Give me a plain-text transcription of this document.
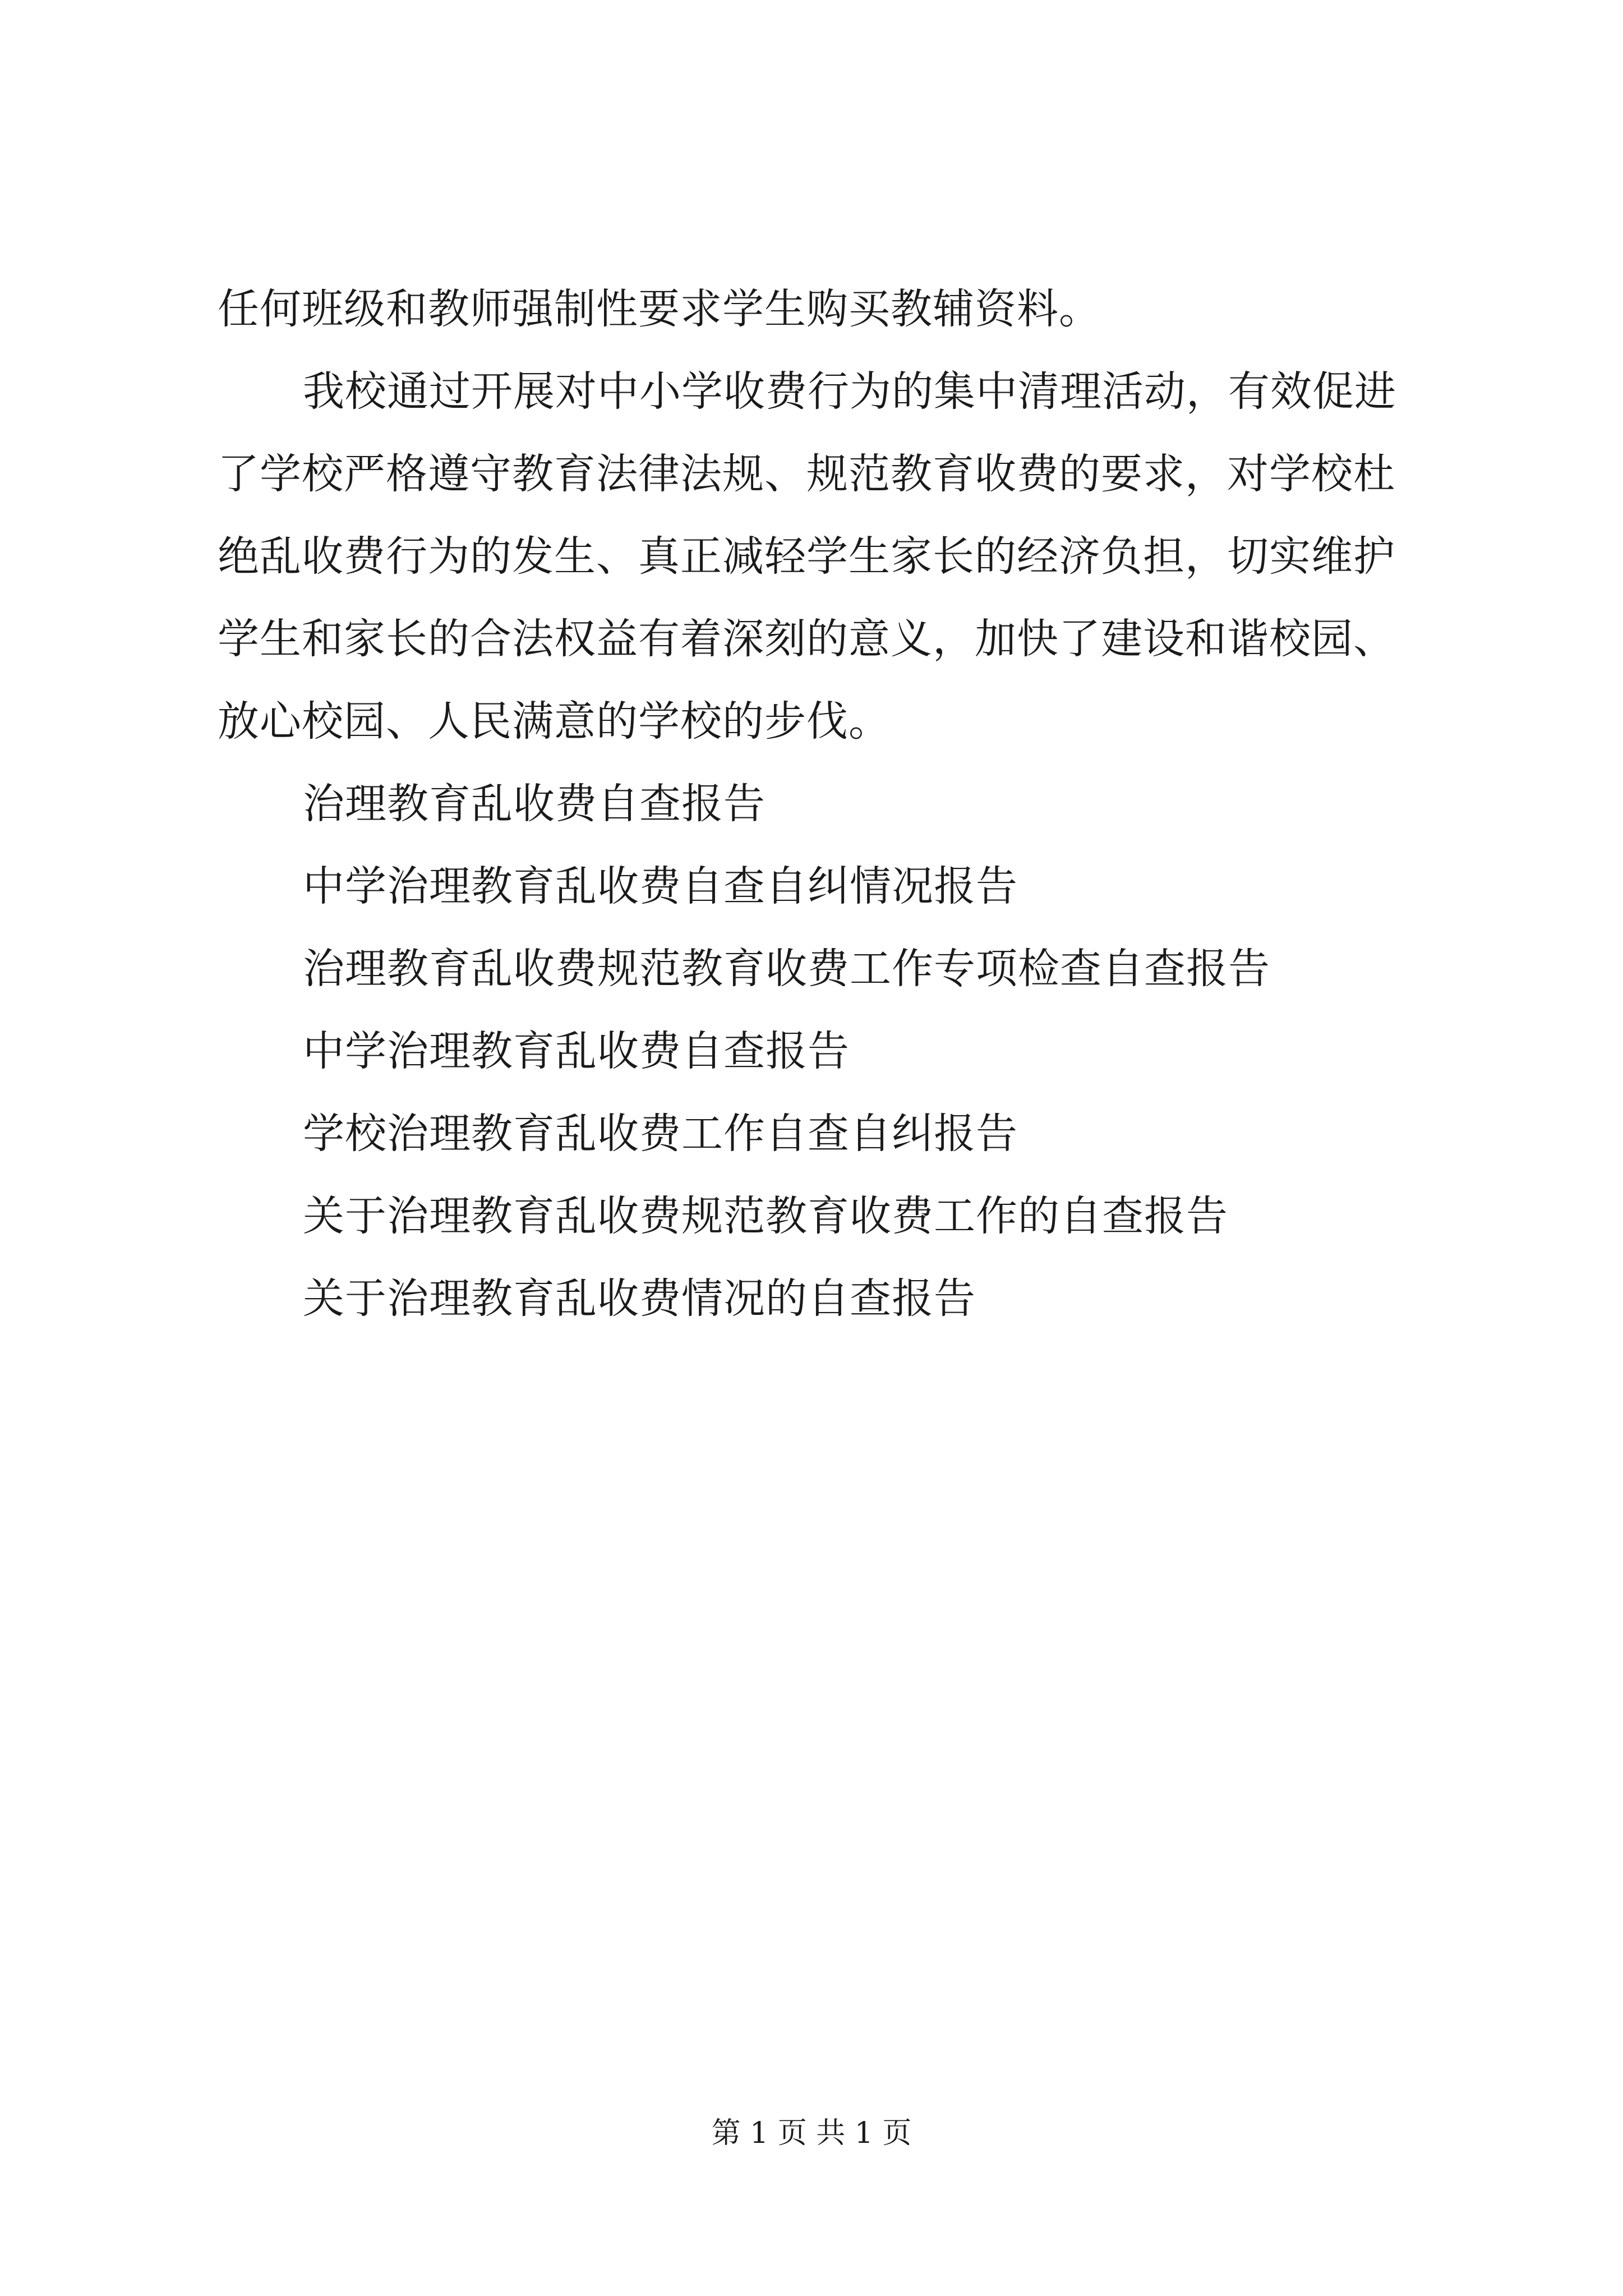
任何班级和教师强制性要求学生购买教辅资料。
我校通过开展对中小学收费行为的集中清理活动，有效促进
了学校严格遵守教育法律法规、规范教育收费的要求，对学校杜
绝乱收费行为的发生、真正减轻学生家长的经济负担，切实维护
学生和家长的合法权益有着深刻的意义，加快了建设和谐校园、
放心校园、人民满意的学校的步伐。
治理教育乱收费自查报告
中学治理教育乱收费自查自纠情况报告
治理教育乱收费规范教育收费工作专项检查自查报告
中学治理教育乱收费自查报告
学校治理教育乱收费工作自查自纠报告
关于治理教育乱收费规范教育收费工作的自查报告
关于治理教育乱收费情况的自查报告
第 1 页 共 1 页
